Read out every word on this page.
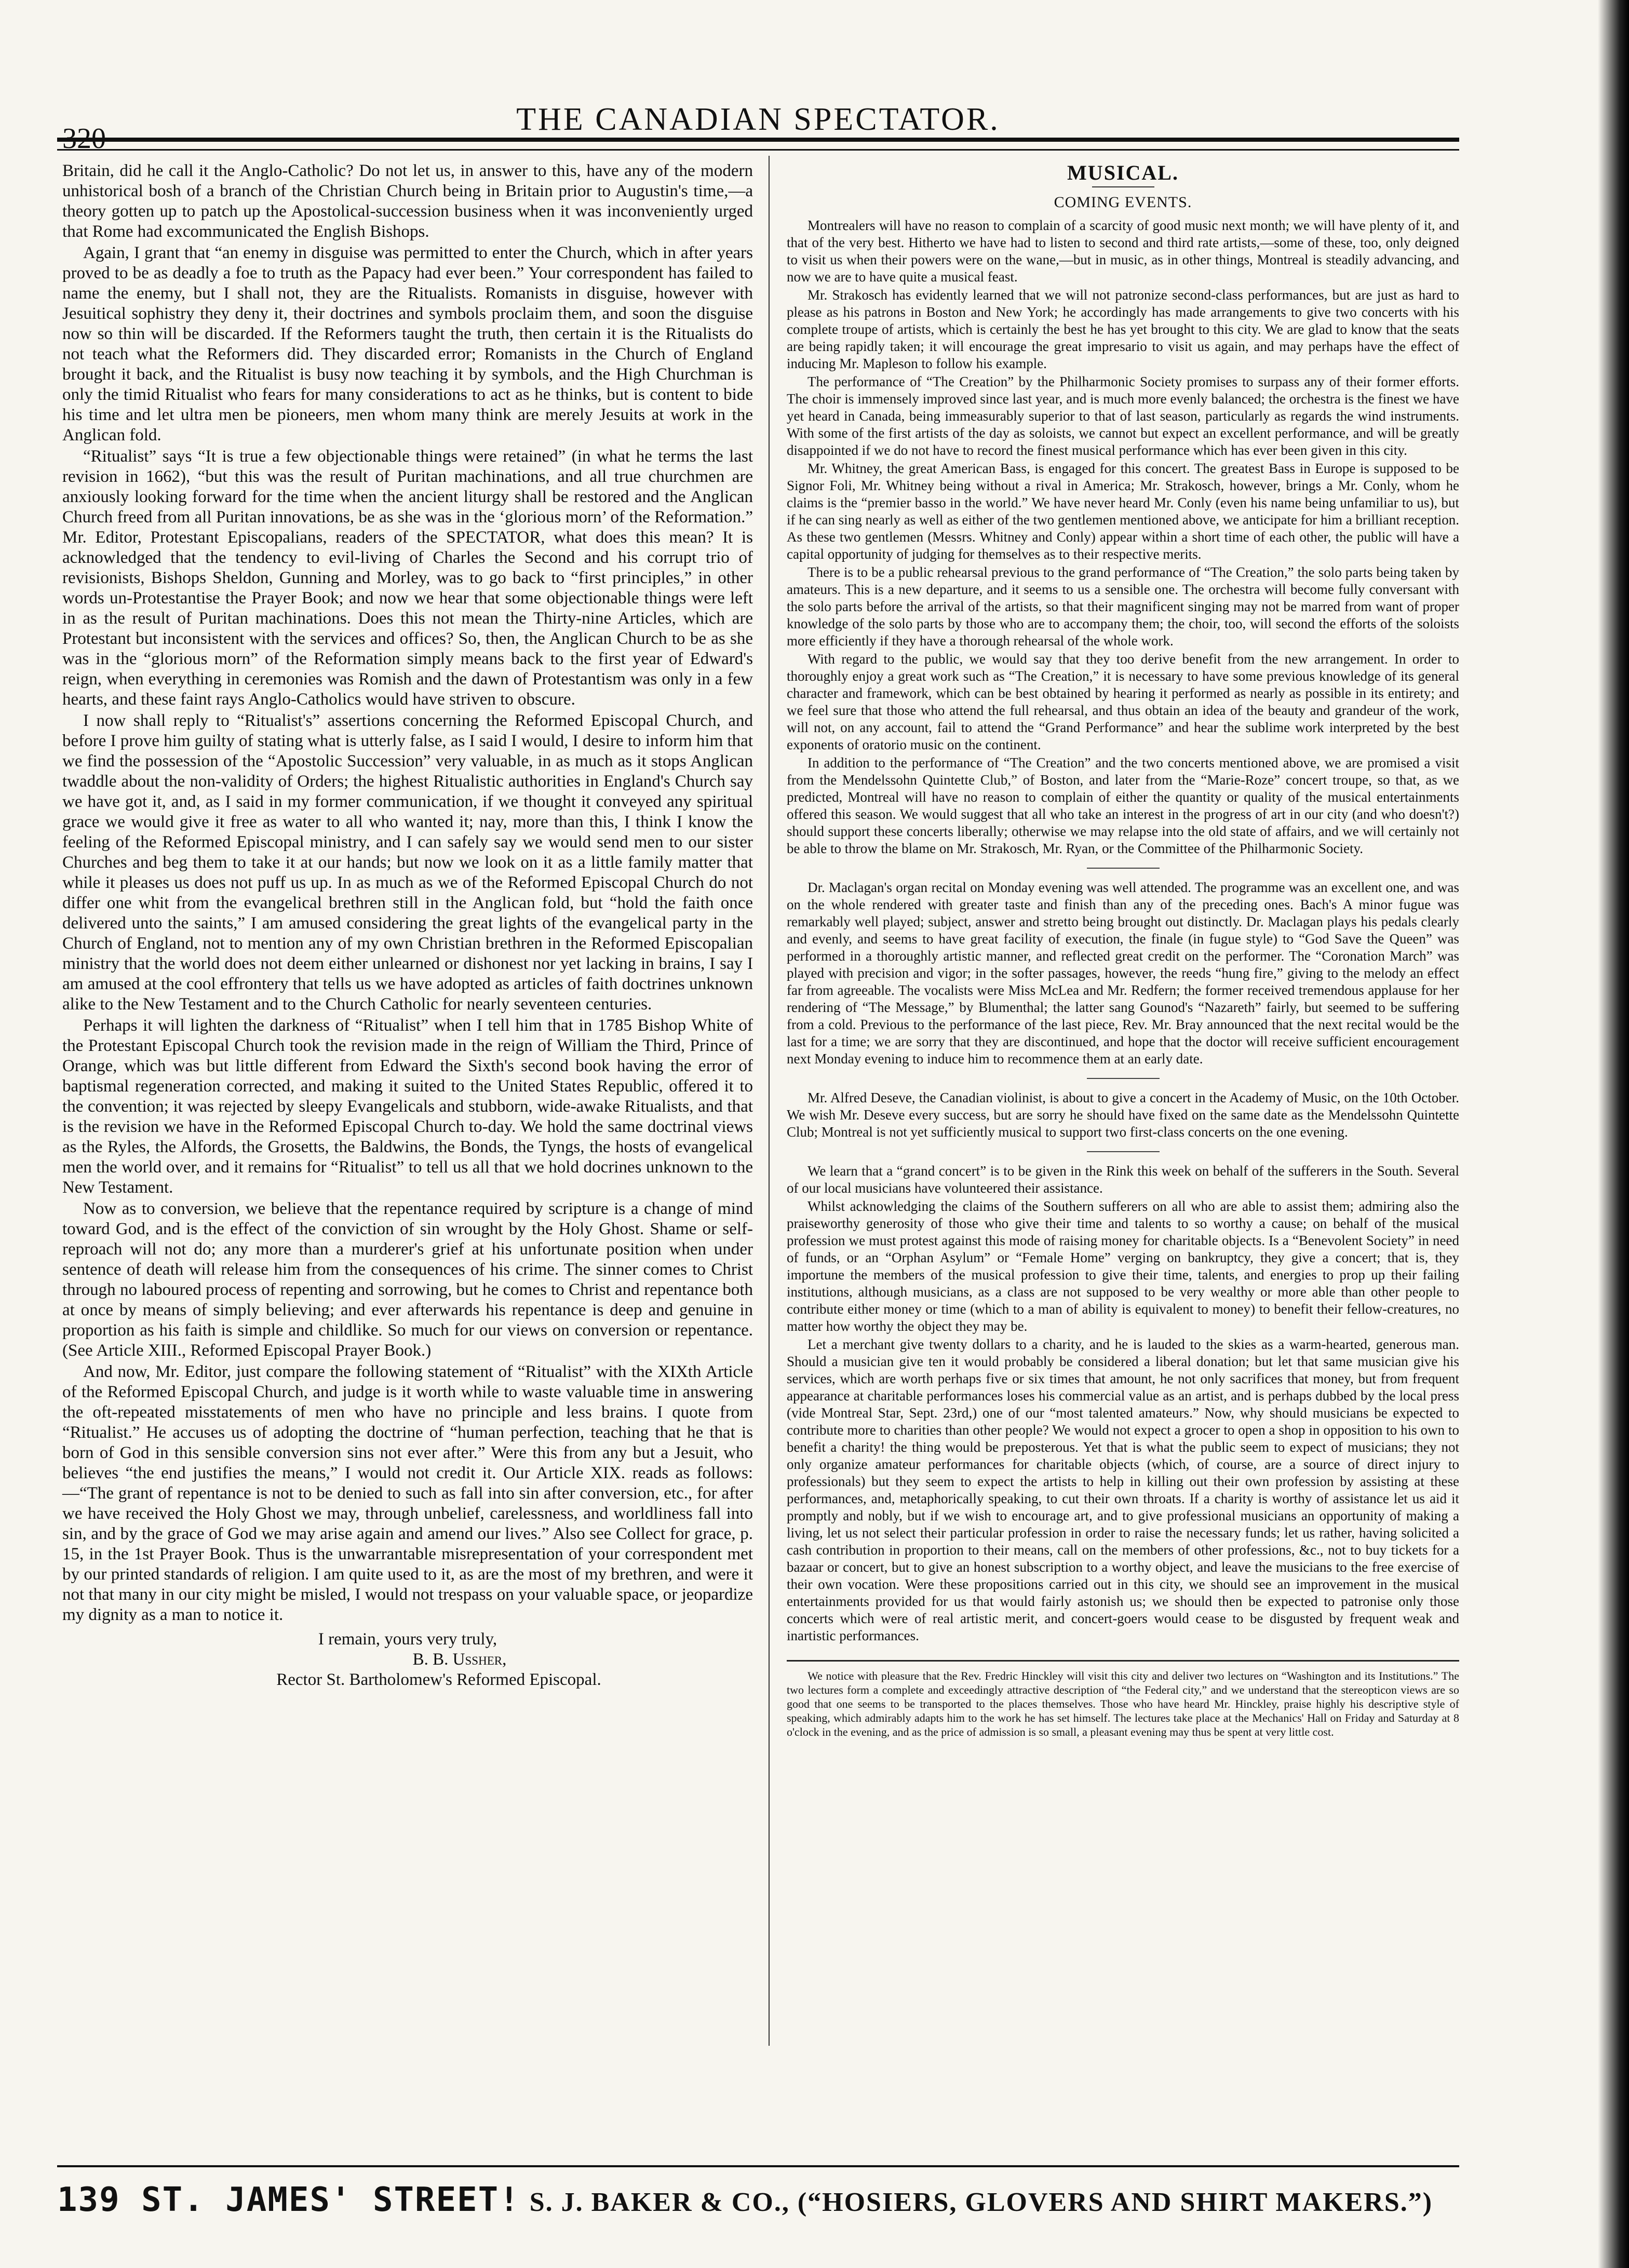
320
THE CANADIAN SPECTATOR.

Britain, did he call it the Anglo-Catholic? Do not let us, in answer to this, have any of the modern unhistorical bosh of a branch of the Christian Church being in Britain prior to Augustin's time,—a theory gotten up to patch up the Apostolical-succession business when it was inconveniently urged that Rome had excommunicated the English Bishops.

Again, I grant that “an enemy in disguise was permitted to enter the Church, which in after years proved to be as deadly a foe to truth as the Papacy had ever been.” Your correspondent has failed to name the enemy, but I shall not, they are the Ritualists. Romanists in disguise, however with Jesuitical sophistry they deny it, their doctrines and symbols proclaim them, and soon the disguise now so thin will be discarded. If the Reformers taught the truth, then certain it is the Ritualists do not teach what the Reformers did. They discarded error; Romanists in the Church of England brought it back, and the Ritualist is busy now teaching it by symbols, and the High Churchman is only the timid Ritualist who fears for many considerations to act as he thinks, but is content to bide his time and let ultra men be pioneers, men whom many think are merely Jesuits at work in the Anglican fold.

“Ritualist” says “It is true a few objectionable things were retained” (in what he terms the last revision in 1662), “but this was the result of Puritan machinations, and all true churchmen are anxiously looking forward for the time when the ancient liturgy shall be restored and the Anglican Church freed from all Puritan innovations, be as she was in the ‘glorious morn’ of the Reformation.” Mr. Editor, Protestant Episcopalians, readers of the SPECTATOR, what does this mean? It is acknowledged that the tendency to evil-living of Charles the Second and his corrupt trio of revisionists, Bishops Sheldon, Gunning and Morley, was to go back to “first principles,” in other words un-Protestantise the Prayer Book; and now we hear that some objectionable things were left in as the result of Puritan machinations. Does this not mean the Thirty-nine Articles, which are Protestant but inconsistent with the services and offices? So, then, the Anglican Church to be as she was in the “glorious morn” of the Reformation simply means back to the first year of Edward's reign, when everything in ceremonies was Romish and the dawn of Protestantism was only in a few hearts, and these faint rays Anglo-Catholics would have striven to obscure.

I now shall reply to “Ritualist's” assertions concerning the Reformed Episcopal Church, and before I prove him guilty of stating what is utterly false, as I said I would, I desire to inform him that we find the possession of the “Apostolic Succession” very valuable, in as much as it stops Anglican twaddle about the non-validity of Orders; the highest Ritualistic authorities in England's Church say we have got it, and, as I said in my former communication, if we thought it conveyed any spiritual grace we would give it free as water to all who wanted it; nay, more than this, I think I know the feeling of the Reformed Episcopal ministry, and I can safely say we would send men to our sister Churches and beg them to take it at our hands; but now we look on it as a little family matter that while it pleases us does not puff us up. In as much as we of the Reformed Episcopal Church do not differ one whit from the evangelical brethren still in the Anglican fold, but “hold the faith once delivered unto the saints,” I am amused considering the great lights of the evangelical party in the Church of England, not to mention any of my own Christian brethren in the Reformed Episcopalian ministry that the world does not deem either unlearned or dishonest nor yet lacking in brains, I say I am amused at the cool effrontery that tells us we have adopted as articles of faith doctrines unknown alike to the New Testament and to the Church Catholic for nearly seventeen centuries.

Perhaps it will lighten the darkness of “Ritualist” when I tell him that in 1785 Bishop White of the Protestant Episcopal Church took the revision made in the reign of William the Third, Prince of Orange, which was but little different from Edward the Sixth's second book having the error of baptismal regeneration corrected, and making it suited to the United States Republic, offered it to the convention; it was rejected by sleepy Evangelicals and stubborn, wide-awake Ritualists, and that is the revision we have in the Reformed Episcopal Church to-day. We hold the same doctrinal views as the Ryles, the Alfords, the Grosetts, the Baldwins, the Bonds, the Tyngs, the hosts of evangelical men the world over, and it remains for “Ritualist” to tell us all that we hold docrines unknown to the New Testament.

Now as to conversion, we believe that the repentance required by scripture is a change of mind toward God, and is the effect of the conviction of sin wrought by the Holy Ghost. Shame or self-reproach will not do; any more than a murderer's grief at his unfortunate position when under sentence of death will release him from the consequences of his crime. The sinner comes to Christ through no laboured process of repenting and sorrowing, but he comes to Christ and repentance both at once by means of simply believing; and ever afterwards his repentance is deep and genuine in proportion as his faith is simple and childlike. So much for our views on conversion or repentance. (See Article XIII., Reformed Episcopal Prayer Book.)

And now, Mr. Editor, just compare the following statement of “Ritualist” with the XIXth Article of the Reformed Episcopal Church, and judge is it worth while to waste valuable time in answering the oft-repeated misstatements of men who have no principle and less brains. I quote from “Ritualist.” He accuses us of adopting the doctrine of “human perfection, teaching that he that is born of God in this sensible conversion sins not ever after.” Were this from any but a Jesuit, who believes “the end justifies the means,” I would not credit it. Our Article XIX. reads as follows:—“The grant of repentance is not to be denied to such as fall into sin after conversion, etc., for after we have received the Holy Ghost we may, through unbelief, carelessness, and worldliness fall into sin, and by the grace of God we may arise again and amend our lives.” Also see Collect for grace, p. 15, in the 1st Prayer Book. Thus is the unwarrantable misrepresentation of your correspondent met by our printed standards of religion. I am quite used to it, as are the most of my brethren, and were it not that many in our city might be misled, I would not trespass on your valuable space, or jeopardize my dignity as a man to notice it.

I remain, yours very truly,
B. B. Ussher,
Rector St. Bartholomew's Reformed Episcopal.
MUSICAL.
COMING EVENTS.

Montrealers will have no reason to complain of a scarcity of good music next month; we will have plenty of it, and that of the very best. Hitherto we have had to listen to second and third rate artists,—some of these, too, only deigned to visit us when their powers were on the wane,—but in music, as in other things, Montreal is steadily advancing, and now we are to have quite a musical feast.

Mr. Strakosch has evidently learned that we will not patronize second-class performances, but are just as hard to please as his patrons in Boston and New York; he accordingly has made arrangements to give two concerts with his complete troupe of artists, which is certainly the best he has yet brought to this city. We are glad to know that the seats are being rapidly taken; it will encourage the great impresario to visit us again, and may perhaps have the effect of inducing Mr. Mapleson to follow his example.

The performance of “The Creation” by the Philharmonic Society promises to surpass any of their former efforts. The choir is immensely improved since last year, and is much more evenly balanced; the orchestra is the finest we have yet heard in Canada, being immeasurably superior to that of last season, particularly as regards the wind instruments. With some of the first artists of the day as soloists, we cannot but expect an excellent performance, and will be greatly disappointed if we do not have to record the finest musical performance which has ever been given in this city.

Mr. Whitney, the great American Bass, is engaged for this concert. The greatest Bass in Europe is supposed to be Signor Foli, Mr. Whitney being without a rival in America; Mr. Strakosch, however, brings a Mr. Conly, whom he claims is the “premier basso in the world.” We have never heard Mr. Conly (even his name being unfamiliar to us), but if he can sing nearly as well as either of the two gentlemen mentioned above, we anticipate for him a brilliant reception. As these two gentlemen (Messrs. Whitney and Conly) appear within a short time of each other, the public will have a capital opportunity of judging for themselves as to their respective merits.

There is to be a public rehearsal previous to the grand performance of “The Creation,” the solo parts being taken by amateurs. This is a new departure, and it seems to us a sensible one. The orchestra will become fully conversant with the solo parts before the arrival of the artists, so that their magnificent singing may not be marred from want of proper knowledge of the solo parts by those who are to accompany them; the choir, too, will second the efforts of the soloists more efficiently if they have a thorough rehearsal of the whole work.

With regard to the public, we would say that they too derive benefit from the new arrangement. In order to thoroughly enjoy a great work such as “The Creation,” it is necessary to have some previous knowledge of its general character and framework, which can be best obtained by hearing it performed as nearly as possible in its entirety; and we feel sure that those who attend the full rehearsal, and thus obtain an idea of the beauty and grandeur of the work, will not, on any account, fail to attend the “Grand Performance” and hear the sublime work interpreted by the best exponents of oratorio music on the continent.

In addition to the performance of “The Creation” and the two concerts mentioned above, we are promised a visit from the Mendelssohn Quintette Club,” of Boston, and later from the “Marie-Roze” concert troupe, so that, as we predicted, Montreal will have no reason to complain of either the quantity or quality of the musical entertainments offered this season. We would suggest that all who take an interest in the progress of art in our city (and who doesn't?) should support these concerts liberally; otherwise we may relapse into the old state of affairs, and we will certainly not be able to throw the blame on Mr. Strakosch, Mr. Ryan, or the Committee of the Philharmonic Society.

Dr. Maclagan's organ recital on Monday evening was well attended. The programme was an excellent one, and was on the whole rendered with greater taste and finish than any of the preceding ones. Bach's A minor fugue was remarkably well played; subject, answer and stretto being brought out distinctly. Dr. Maclagan plays his pedals clearly and evenly, and seems to have great facility of execution, the finale (in fugue style) to “God Save the Queen” was performed in a thoroughly artistic manner, and reflected great credit on the performer. The “Coronation March” was played with precision and vigor; in the softer passages, however, the reeds “hung fire,” giving to the melody an effect far from agreeable. The vocalists were Miss McLea and Mr. Redfern; the former received tremendous applause for her rendering of “The Message,” by Blumenthal; the latter sang Gounod's “Nazareth” fairly, but seemed to be suffering from a cold. Previous to the performance of the last piece, Rev. Mr. Bray announced that the next recital would be the last for a time; we are sorry that they are discontinued, and hope that the doctor will receive sufficient encouragement next Monday evening to induce him to recommence them at an early date.

Mr. Alfred Deseve, the Canadian violinist, is about to give a concert in the Academy of Music, on the 10th October. We wish Mr. Deseve every success, but are sorry he should have fixed on the same date as the Mendelssohn Quintette Club; Montreal is not yet sufficiently musical to support two first-class concerts on the one evening.

We learn that a “grand concert” is to be given in the Rink this week on behalf of the sufferers in the South. Several of our local musicians have volunteered their assistance.

Whilst acknowledging the claims of the Southern sufferers on all who are able to assist them; admiring also the praiseworthy generosity of those who give their time and talents to so worthy a cause; on behalf of the musical profession we must protest against this mode of raising money for charitable objects. Is a “Benevolent Society” in need of funds, or an “Orphan Asylum” or “Female Home” verging on bankruptcy, they give a concert; that is, they importune the members of the musical profession to give their time, talents, and energies to prop up their failing institutions, although musicians, as a class are not supposed to be very wealthy or more able than other people to contribute either money or time (which to a man of ability is equivalent to money) to benefit their fellow-creatures, no matter how worthy the object they may be.

Let a merchant give twenty dollars to a charity, and he is lauded to the skies as a warm-hearted, generous man. Should a musician give ten it would probably be considered a liberal donation; but let that same musician give his services, which are worth perhaps five or six times that amount, he not only sacrifices that money, but from frequent appearance at charitable performances loses his commercial value as an artist, and is perhaps dubbed by the local press (vide Montreal Star, Sept. 23rd,) one of our “most talented amateurs.” Now, why should musicians be expected to contribute more to charities than other people? We would not expect a grocer to open a shop in opposition to his own to benefit a charity! the thing would be preposterous. Yet that is what the public seem to expect of musicians; they not only organize amateur performances for charitable objects (which, of course, are a source of direct injury to professionals) but they seem to expect the artists to help in killing out their own profession by assisting at these performances, and, metaphorically speaking, to cut their own throats. If a charity is worthy of assistance let us aid it promptly and nobly, but if we wish to encourage art, and to give professional musicians an opportunity of making a living, let us not select their particular profession in order to raise the necessary funds; let us rather, having solicited a cash contribution in proportion to their means, call on the members of other professions, &c., not to buy tickets for a bazaar or concert, but to give an honest subscription to a worthy object, and leave the musicians to the free exercise of their own vocation. Were these propositions carried out in this city, we should see an improvement in the musical entertainments provided for us that would fairly astonish us; we should then be expected to patronise only those concerts which were of real artistic merit, and concert-goers would cease to be disgusted by frequent weak and inartistic performances.

We notice with pleasure that the Rev. Fredric Hinckley will visit this city and deliver two lectures on “Washington and its Institutions.” The two lectures form a complete and exceedingly attractive description of “the Federal city,” and we understand that the stereopticon views are so good that one seems to be transported to the places themselves. Those who have heard Mr. Hinckley, praise highly his descriptive style of speaking, which admirably adapts him to the work he has set himself. The lectures take place at the Mechanics' Hall on Friday and Saturday at 8 o'clock in the evening, and as the price of admission is so small, a pleasant evening may thus be spent at very little cost.

139 ST. JAMES' STREET! S. J. BAKER & CO., (“HOSIERS, GLOVERS AND SHIRT MAKERS.”)
